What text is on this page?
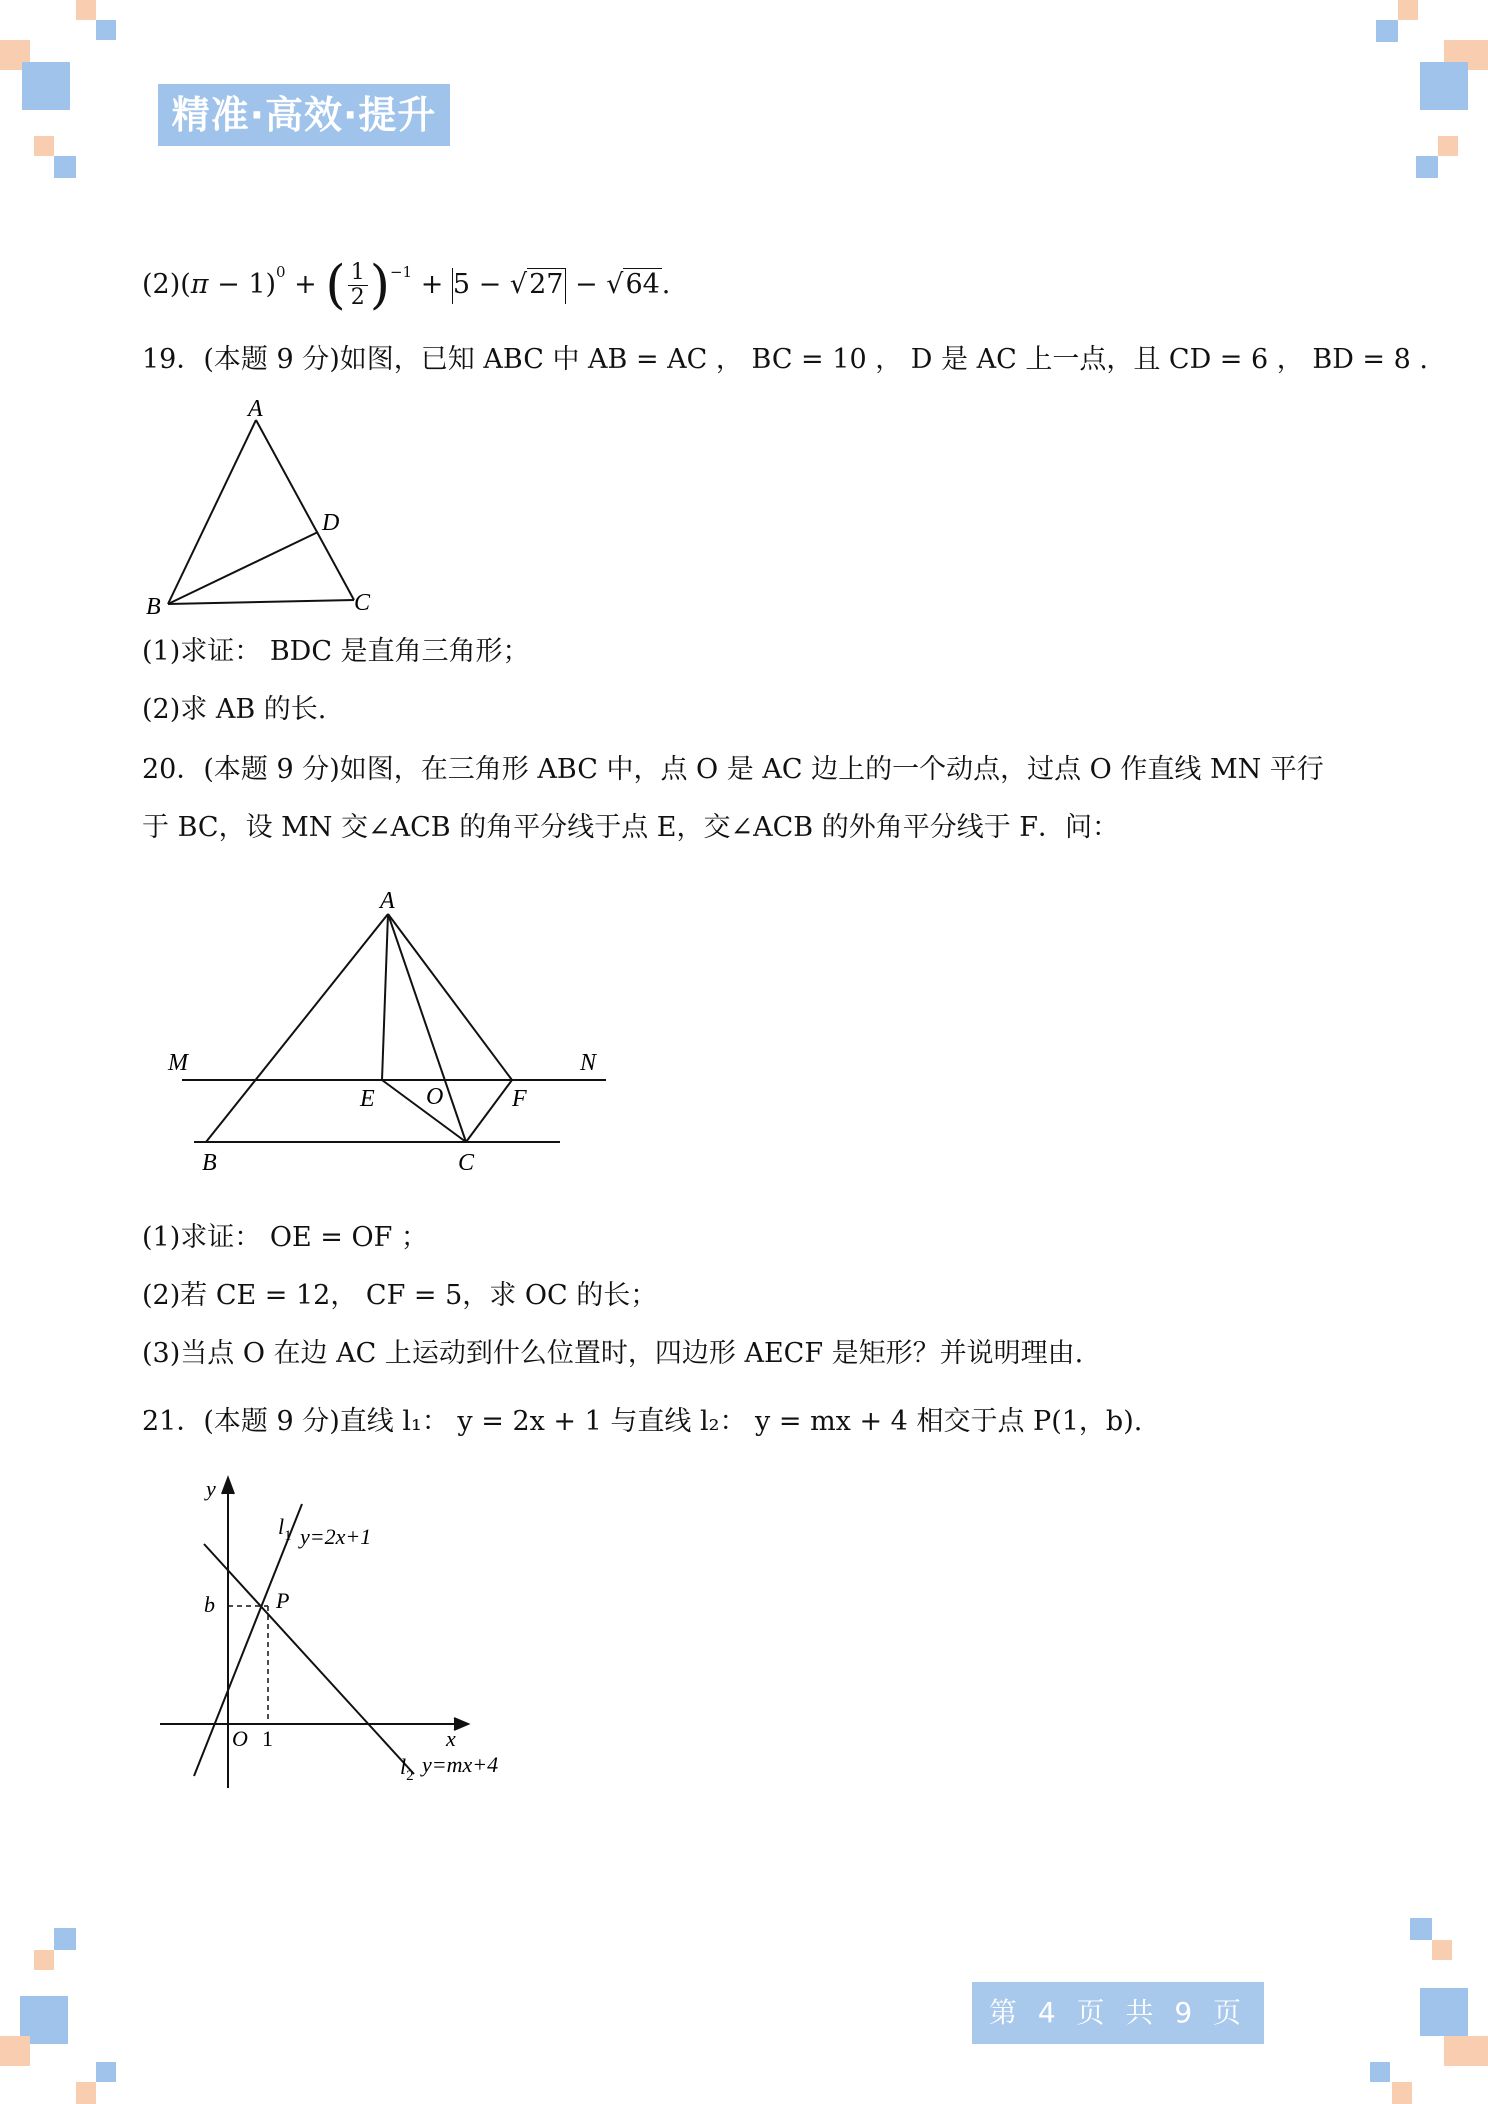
精准·高效·提升
$(2)(\pi - 1)^0$ + ( $\frac{1}{2} )^{-1} + 5 - √27 - √64$.
19．(本题 9 分)如图，已知 ABC 中 AB = AC ， BC = 10 ， D 是 AC 上一点，且 CD = 6 ， BD = 8 .
A
D
B	C
(1)求证： BDC 是直角三角形；
(2)求 AB 的长.
20．(本题 9 分)如图，在三角形 ABC 中，点 O 是 AC 边上的一个动点，过点 O 作直线 MN 平行
于 BC，设 MN 交∠ACB 的角平分线于点 E，交∠ACB 的外角平分线于 F．问：
A
M	N
E O	F
B	C
(1)求证： OE = OF ；
(2)若 CE = 12， CF = 5，求 OC 的长；
(3)当点 O 在边 AC 上运动到什么位置时，四边形 AECF 是矩形？并说明理由.
21．(本题 9 分)直线 l₁： y = 2x + 1 与直线 l₂： y = mx + 4 相交于点 P(1，b).
y
x
O 1
b	P
$l_1$ y=2x+1
$l_2$ y=mx+4
第 4 页 共 9 页
